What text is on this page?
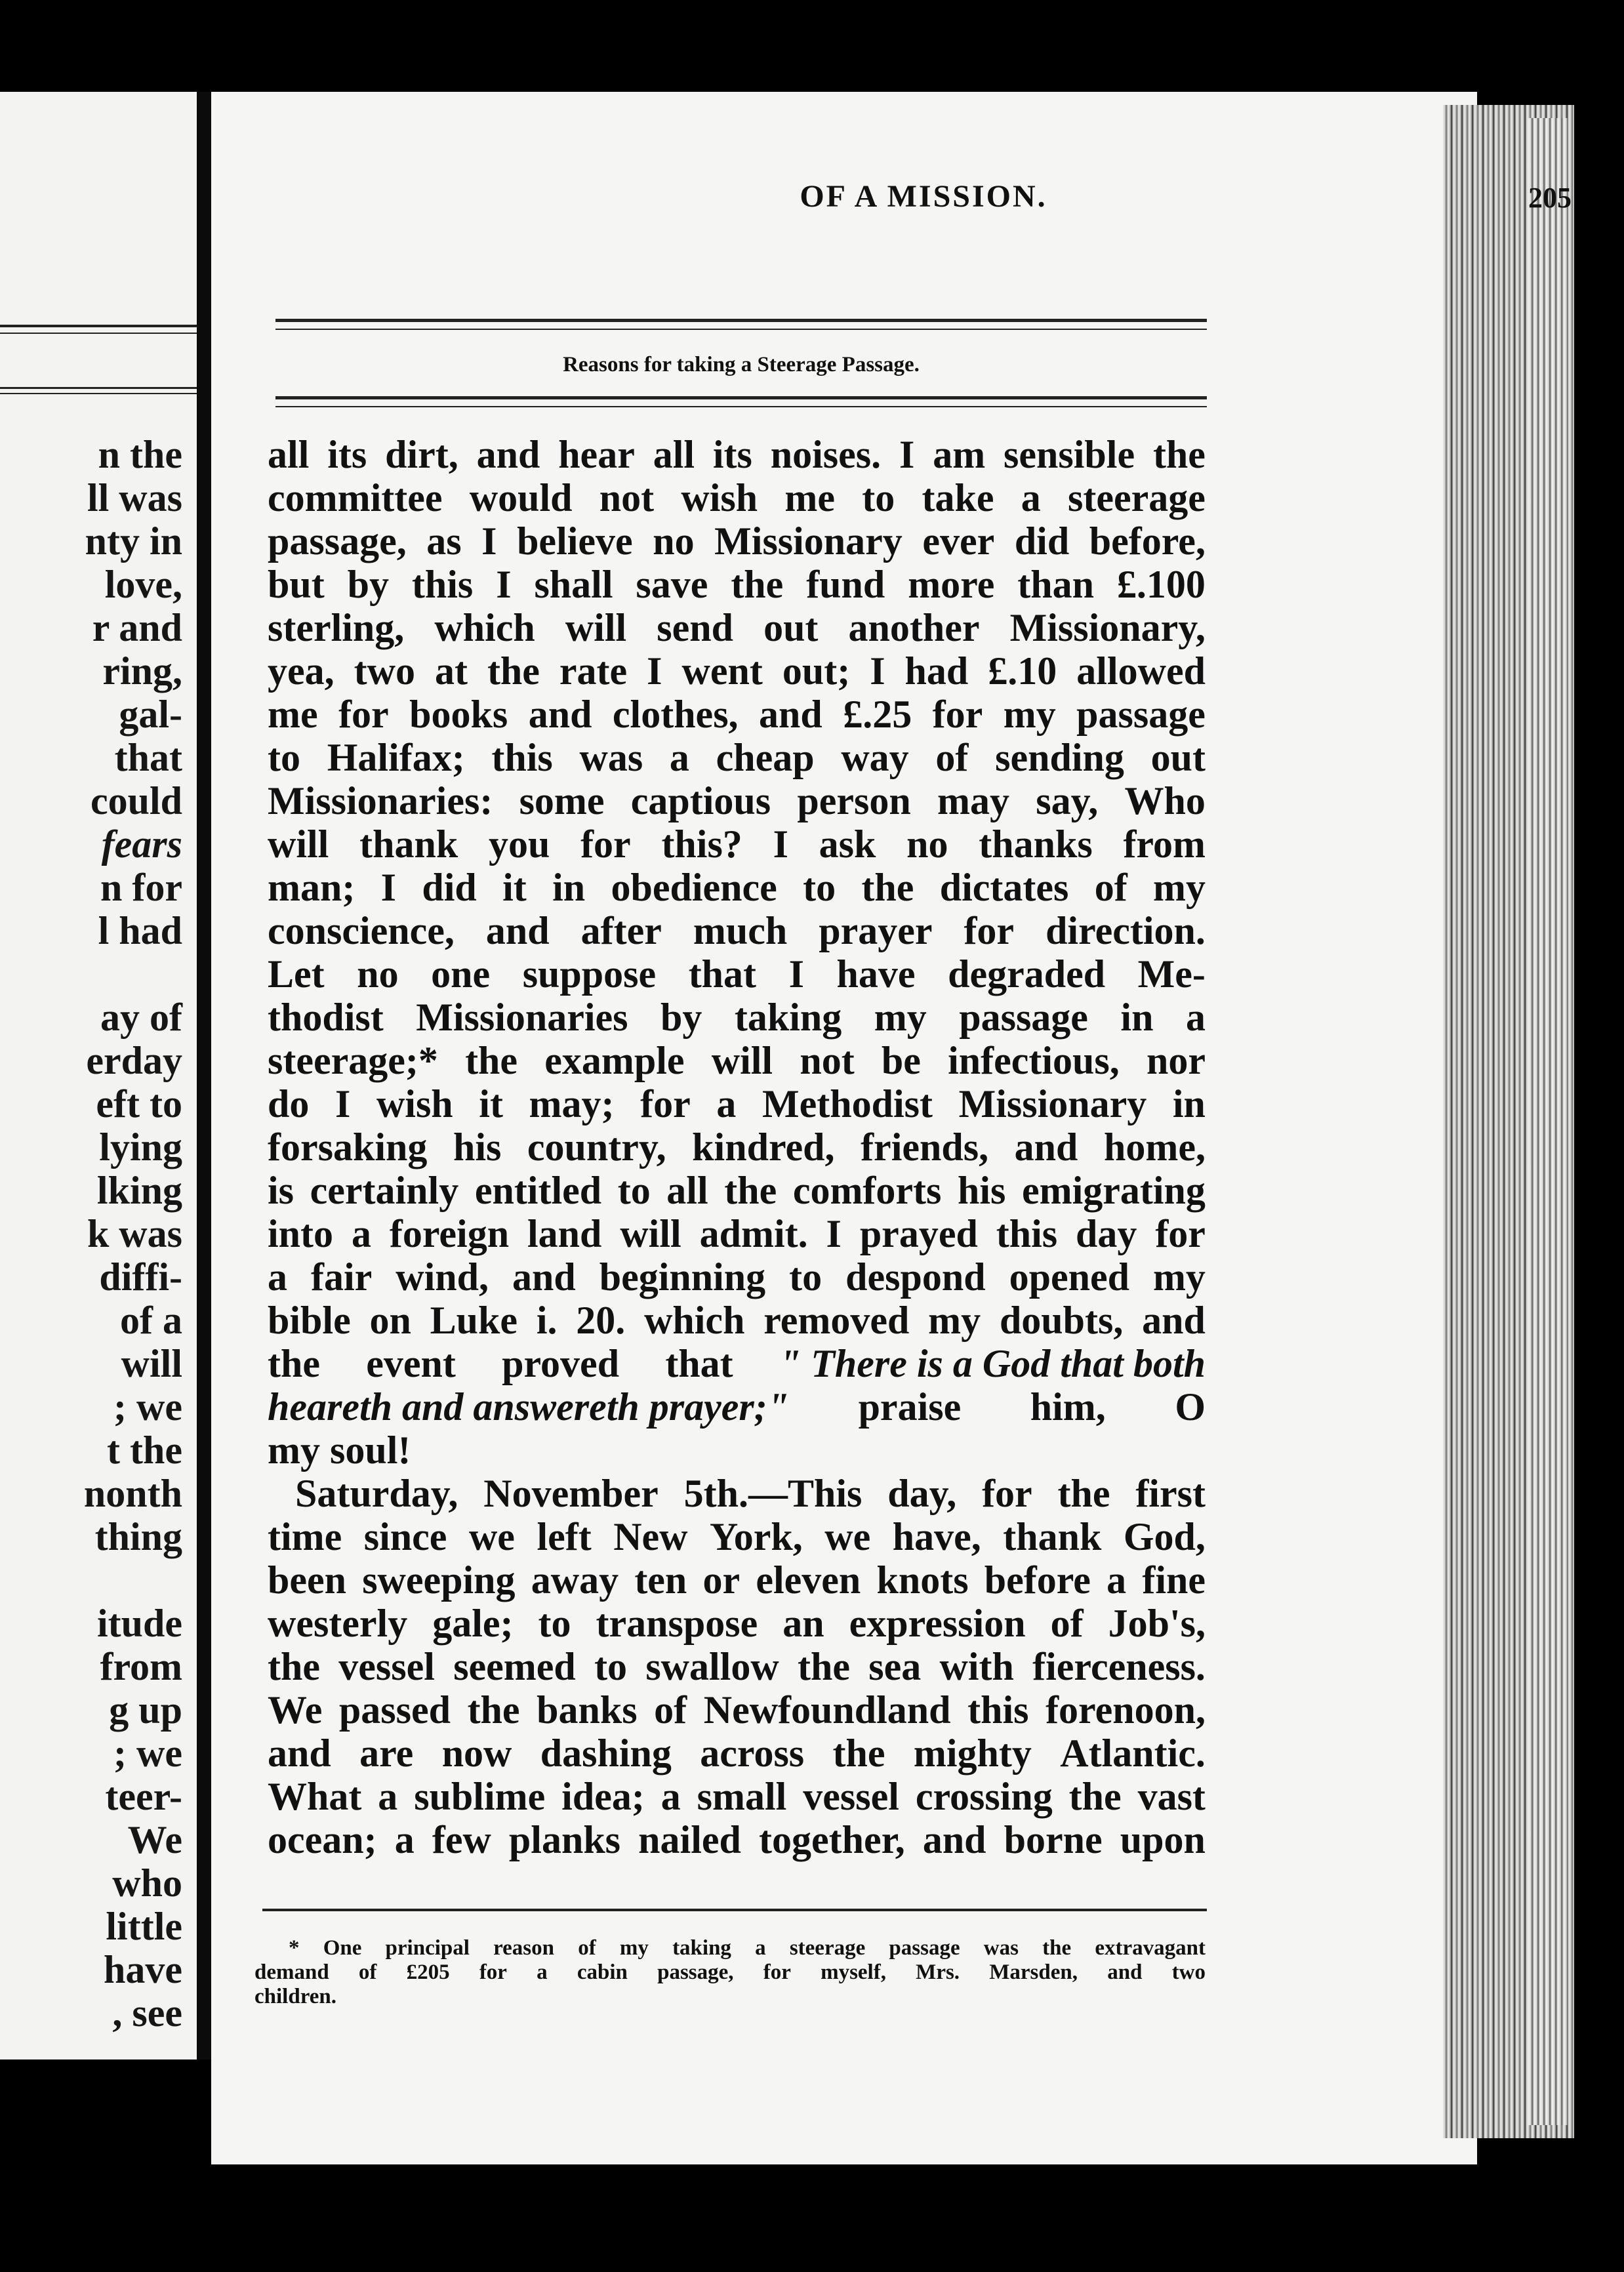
n the
ll was
nty in
love,
r and
ring,
gal-
that
could
fears
n for
l had

ay of
erday
eft to
lying
lking
k was
diffi-
of a
will
; we
t the
nonth
thing

itude
from
g up
; we
teer-
We
who
little
have
, see
OF A MISSION.	205
Reasons for taking a Steerage Passage.
all its dirt, and hear all its noises. I am sensible the
committee would not wish me to take a steerage
passage, as I believe no Missionary ever did before,
but by this I shall save the fund more than £.100
sterling, which will send out another Missionary,
yea, two at the rate I went out; I had £.10 allowed
me for books and clothes, and £.25 for my passage
to Halifax; this was a cheap way of sending out
Missionaries: some captious person may say, Who
will thank you for this? I ask no thanks from
man; I did it in obedience to the dictates of my
conscience, and after much prayer for direction.
Let no one suppose that I have degraded Me-
thodist Missionaries by taking my passage in a
steerage;* the example will not be infectious, nor
do I wish it may; for a Methodist Missionary in
forsaking his country, kindred, friends, and home,
is certainly entitled to all the comforts his emigrating
into a foreign land will admit. I prayed this day for
a fair wind, and beginning to despond opened my
bible on Luke i. 20. which removed my doubts, and
the event proved that " There is a God that both
heareth and answereth prayer;" praise him, O
my soul!
Saturday, November 5th.—This day, for the first
time since we left New York, we have, thank God,
been sweeping away ten or eleven knots before a fine
westerly gale; to transpose an expression of Job's,
the vessel seemed to swallow the sea with fierceness.
We passed the banks of Newfoundland this forenoon,
and are now dashing across the mighty Atlantic.
What a sublime idea; a small vessel crossing the vast
ocean; a few planks nailed together, and borne upon
* One principal reason of my taking a steerage passage was the extravagant
demand of £205 for a cabin passage, for myself, Mrs. Marsden, and two
children.
